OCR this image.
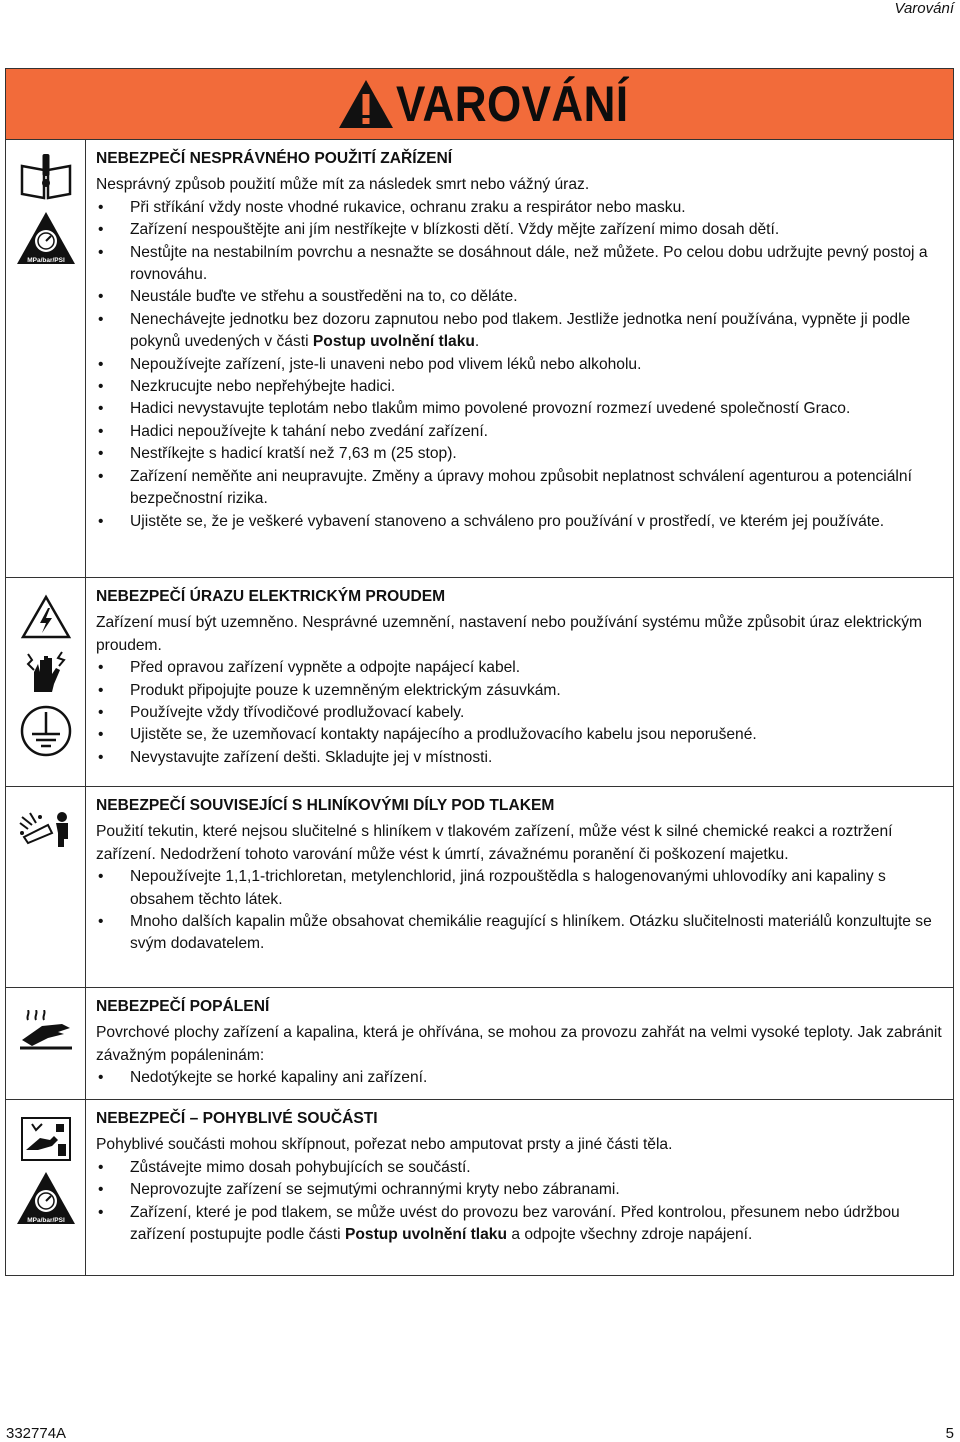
Varování
VAROVÁNÍ
MPa/bar/PSI
NEBEZPEČÍ NESPRÁVNÉHO POUŽITÍ ZAŘÍZENÍ

Nesprávný způsob použití může mít za následek smrt nebo vážný úraz.

• Při stříkání vždy noste vhodné rukavice, ochranu zraku a respirátor nebo masku.
• Zařízení nespouštějte ani jím nestříkejte v blízkosti dětí. Vždy mějte zařízení mimo dosah dětí.
• Nestůjte na nestabilním povrchu a nesnažte se dosáhnout dále, než můžete. Po celou dobu udržujte pevný postoj a rovnováhu.
• Neustále buďte ve střehu a soustředěni na to, co děláte.
• Nenechávejte jednotku bez dozoru zapnutou nebo pod tlakem. Jestliže jednotka není používána, vypněte ji podle pokynů uvedených v části Postup uvolnění tlaku.
• Nepoužívejte zařízení, jste-li unaveni nebo pod vlivem léků nebo alkoholu.
• Nezkrucujte nebo nepřehýbejte hadici.
• Hadici nevystavujte teplotám nebo tlakům mimo povolené provozní rozmezí uvedené společností Graco.
• Hadici nepoužívejte k tahání nebo zvedání zařízení.
• Nestříkejte s hadicí kratší než 7,63 m (25 stop).
• Zařízení neměňte ani neupravujte. Změny a úpravy mohou způsobit neplatnost schválení agenturou a potenciální bezpečnostní rizika.
• Ujistěte se, že je veškeré vybavení stanoveno a schváleno pro používání v prostředí, ve kterém jej používáte.
NEBEZPEČÍ ÚRAZU ELEKTRICKÝM PROUDEM

Zařízení musí být uzemněno. Nesprávné uzemnění, nastavení nebo používání systému může způsobit úraz elektrickým proudem.

• Před opravou zařízení vypněte a odpojte napájecí kabel.
• Produkt připojujte pouze k uzemněným elektrickým zásuvkám.
• Používejte vždy třívodičové prodlužovací kabely.
• Ujistěte se, že uzemňovací kontakty napájecího a prodlužovacího kabelu jsou neporušené.
• Nevystavujte zařízení dešti. Skladujte jej v místnosti.
NEBEZPEČÍ SOUVISEJÍCÍ S HLINÍKOVÝMI DÍLY POD TLAKEM

Použití tekutin, které nejsou slučitelné s hliníkem v tlakovém zařízení, může vést k silné chemické reakci a roztržení zařízení. Nedodržení tohoto varování může vést k úmrtí, závažnému poranění či poškození majetku.

• Nepoužívejte 1,1,1-trichloretan, metylenchlorid, jiná rozpouštědla s halogenovanými uhlovodíky ani kapaliny s obsahem těchto látek.
• Mnoho dalších kapalin může obsahovat chemikálie reagující s hliníkem. Otázku slučitelnosti materiálů konzultujte se svým dodavatelem.
NEBEZPEČÍ POPÁLENÍ

Povrchové plochy zařízení a kapalina, která je ohřívána, se mohou za provozu zahřát na velmi vysoké teploty. Jak zabránit závažným popáleninám:

• Nedotýkejte se horké kapaliny ani zařízení.
MPa/bar/PSI
NEBEZPEČÍ – POHYBLIVÉ SOUČÁSTI

Pohyblivé součásti mohou skřípnout, pořezat nebo amputovat prsty a jiné části těla.

• Zůstávejte mimo dosah pohybujících se součástí.
• Neprovozujte zařízení se sejmutými ochrannými kryty nebo zábranami.
• Zařízení, které je pod tlakem, se může uvést do provozu bez varování. Před kontrolou, přesunem nebo údržbou zařízení postupujte podle části Postup uvolnění tlaku a odpojte všechny zdroje napájení.
332774A	5
